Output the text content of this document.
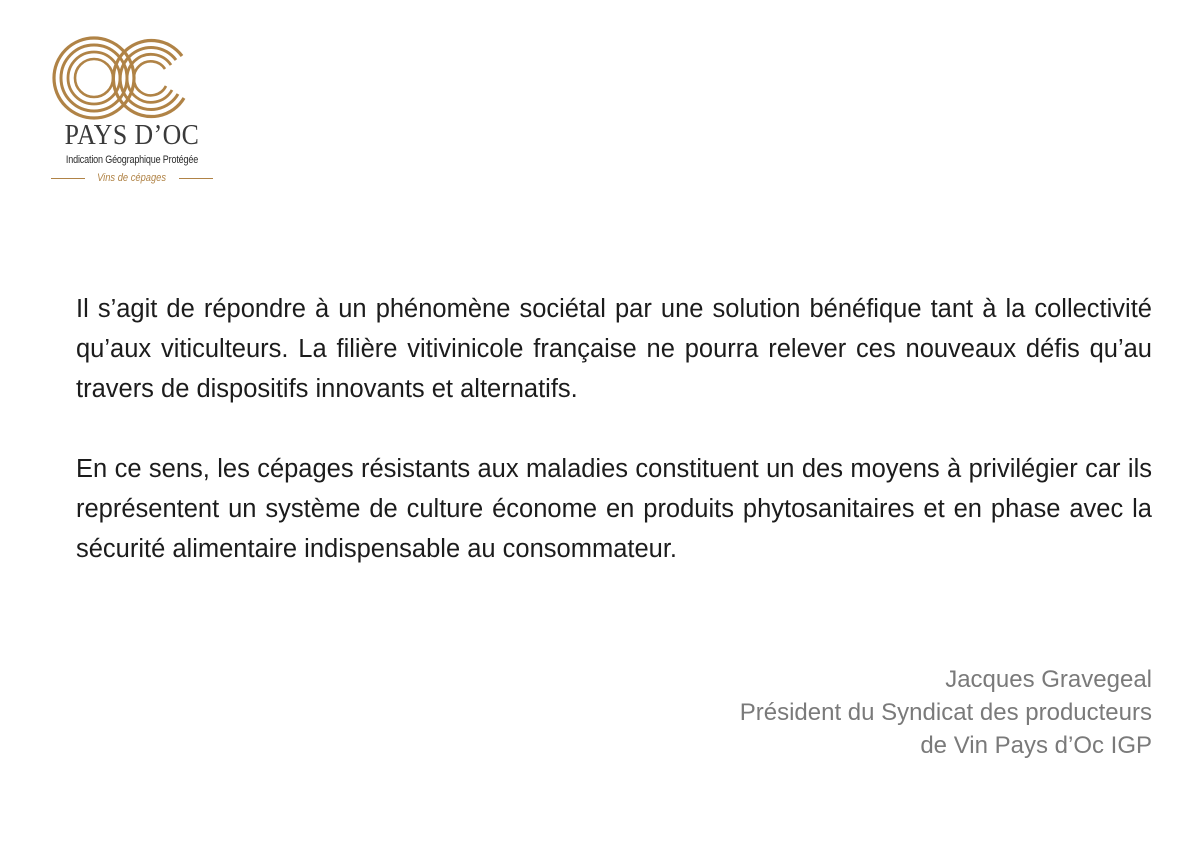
PAYS D’OC
Indication Géographique Protégée
Vins de cépages

Il s’agit de répondre à un phénomène sociétal par une solution bénéfique tant à la collectivité qu’aux viticulteurs. La filière vitivinicole française ne pourra relever ces nouveaux défis qu’au travers de dispositifs innovants et alternatifs.

En ce sens, les cépages résistants aux maladies constituent un des moyens à privilégier car ils représentent un système de culture économe en produits phytosanitaires et en phase avec la sécurité alimentaire indispensable au consommateur.

Jacques Gravegeal
Président du Syndicat des producteurs
de Vin Pays d’Oc IGP
